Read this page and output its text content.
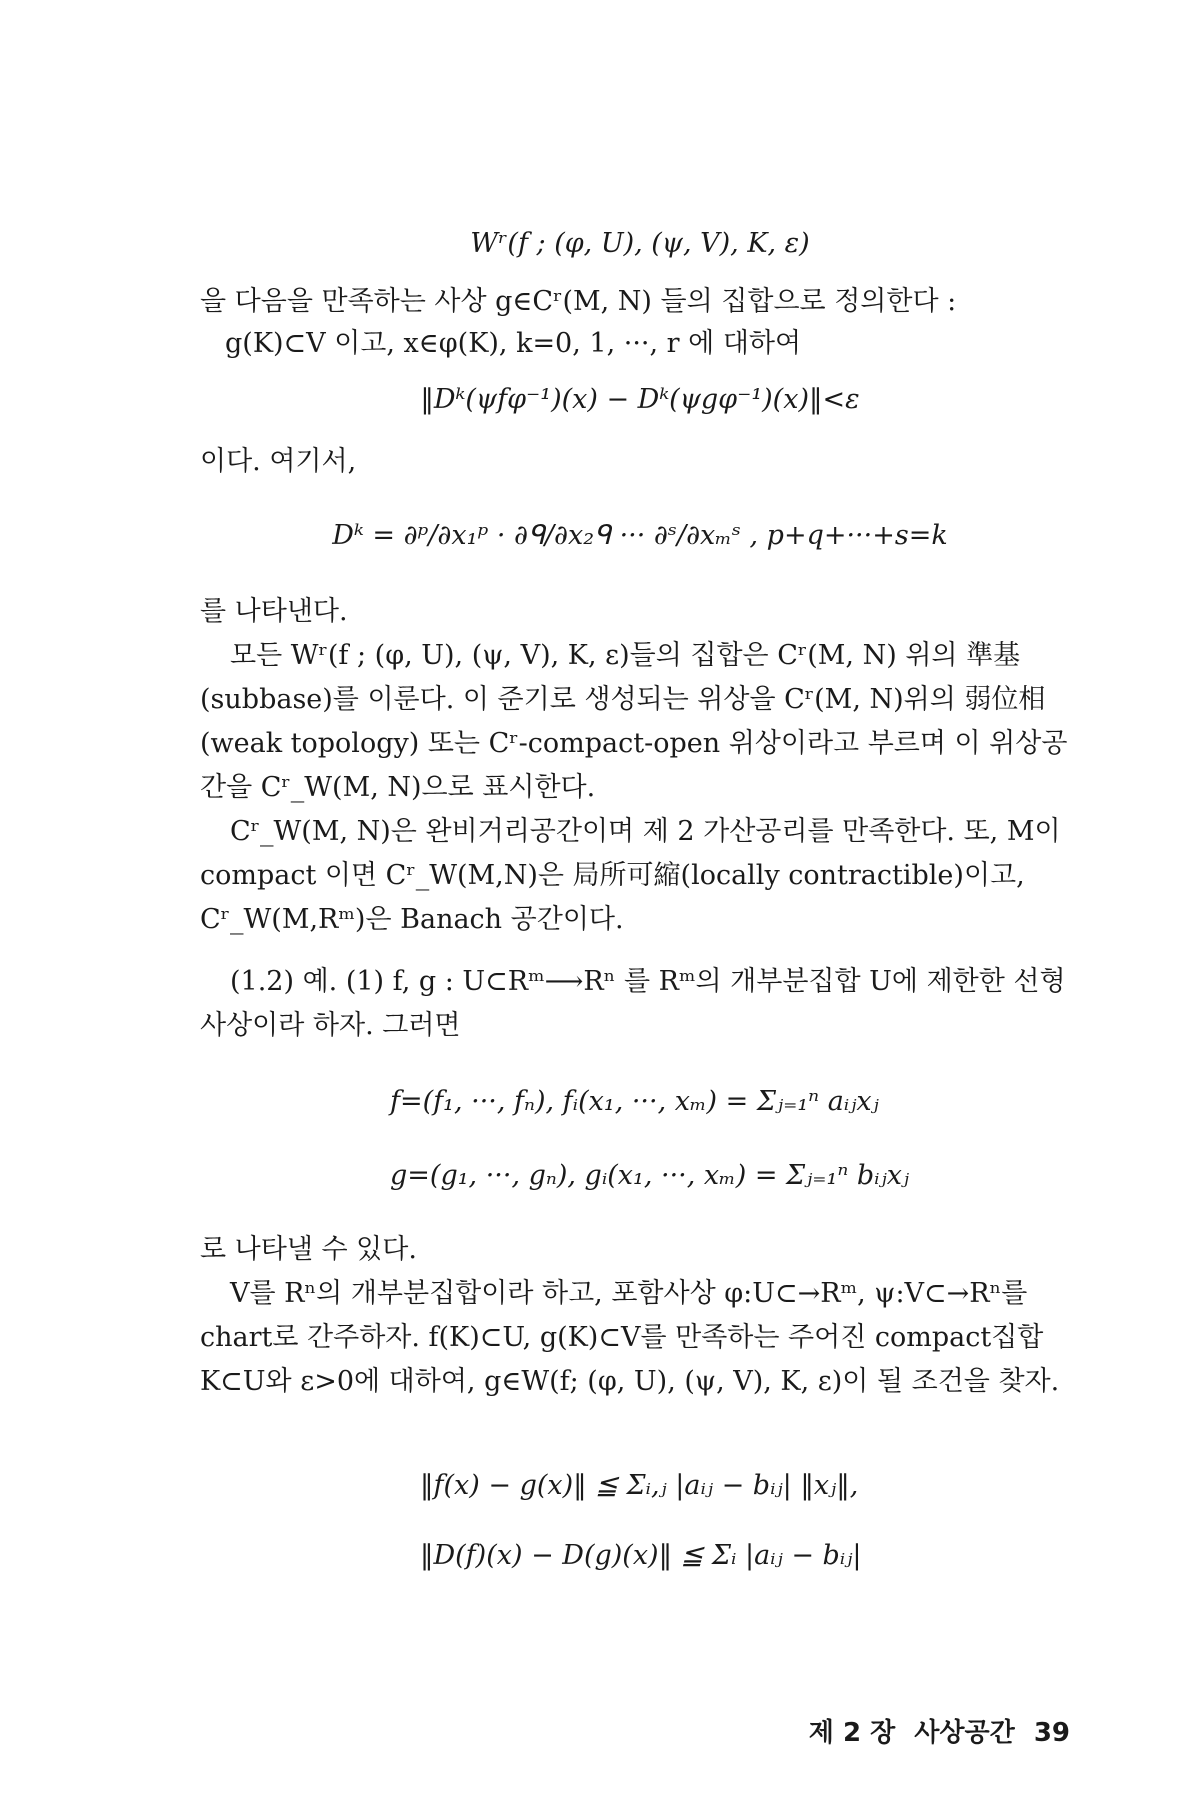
Wʳ(f ; (φ, U), (ψ, V), K, ε)
을 다음을 만족하는 사상 g∈Cʳ(M, N) 들의 집합으로 정의한다 :
g(K)⊂V 이고, x∈φ(K), k=0, 1, ···, r 에 대하여
‖Dᵏ(ψfφ⁻¹)(x) − Dᵏ(ψgφ⁻¹)(x)‖<ε
이다. 여기서,
Dᵏ = ∂ᵖ/∂x₁ᵖ · ∂ᑫ/∂x₂ᑫ ··· ∂ˢ/∂xₘˢ , p+q+···+s=k
를 나타낸다.

모든 Wʳ(f ; (φ, U), (ψ, V), K, ε)들의 집합은 Cʳ(M, N) 위의 準基(subbase)를 이룬다. 이 준기로 생성되는 위상을 Cʳ(M, N)위의 弱位相(weak topology) 또는 Cʳ-compact-open 위상이라고 부르며 이 위상공간을 Cʳ_W(M, N)으로 표시한다.

Cʳ_W(M, N)은 완비거리공간이며 제 2 가산공리를 만족한다. 또, M이 compact 이면 Cʳ_W(M,N)은 局所可縮(locally contractible)이고, Cʳ_W(M,Rᵐ)은 Banach 공간이다.

(1.2) 예. (1) f, g : U⊂Rᵐ⟶Rⁿ 를 Rᵐ의 개부분집합 U에 제한한 선형사상이라 하자. 그러면

f=(f₁, ···, fₙ), fᵢ(x₁, ···, xₘ) = Σⱼ₌₁ⁿ aᵢⱼxⱼ
g=(g₁, ···, gₙ), gᵢ(x₁, ···, xₘ) = Σⱼ₌₁ⁿ bᵢⱼxⱼ
로 나타낼 수 있다.

V를 Rⁿ의 개부분집합이라 하고, 포함사상 φ:U⊂→Rᵐ, ψ:V⊂→Rⁿ를 chart로 간주하자. f(K)⊂U, g(K)⊂V를 만족하는 주어진 compact집합 K⊂U와 ε>0에 대하여, g∈W(f; (φ, U), (ψ, V), K, ε)이 될 조건을 찾자.

‖f(x) − g(x)‖ ≦ Σᵢ,ⱼ |aᵢⱼ − bᵢⱼ| ‖xⱼ‖,
‖D(f)(x) − D(g)(x)‖ ≦ Σᵢ |aᵢⱼ − bᵢⱼ|
제 2 장 사상공간 39
